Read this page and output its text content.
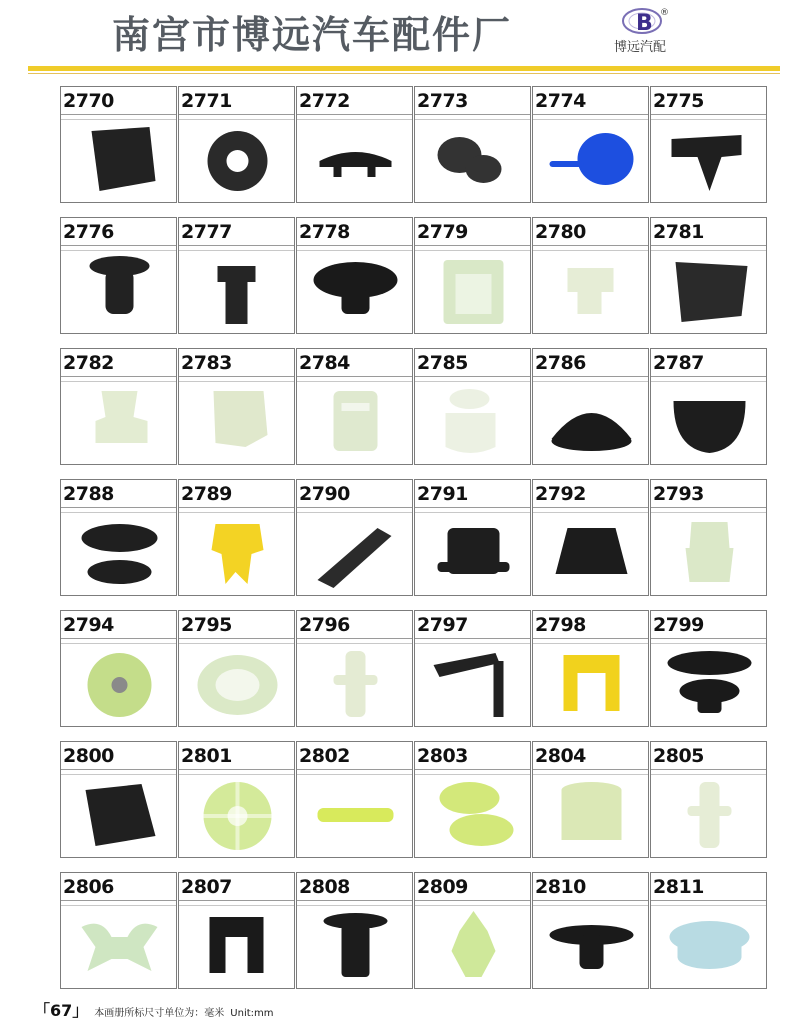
南宫市博远汽车配件厂	B ®
博远汽配
2770	2771	2772	2773	2774	2775
2776	2777	2778	2779	2780	2781
2782	2783	2784	2785	2786	2787
2788	2789	2790	2791	2792	2793
2794	2795	2796	2797	2798	2799
2800	2801	2802	2803	2804	2805
2806	2807	2808	2809	2810	2811
「67」 本画册所标尺寸单位为：毫米 Unit:mm
